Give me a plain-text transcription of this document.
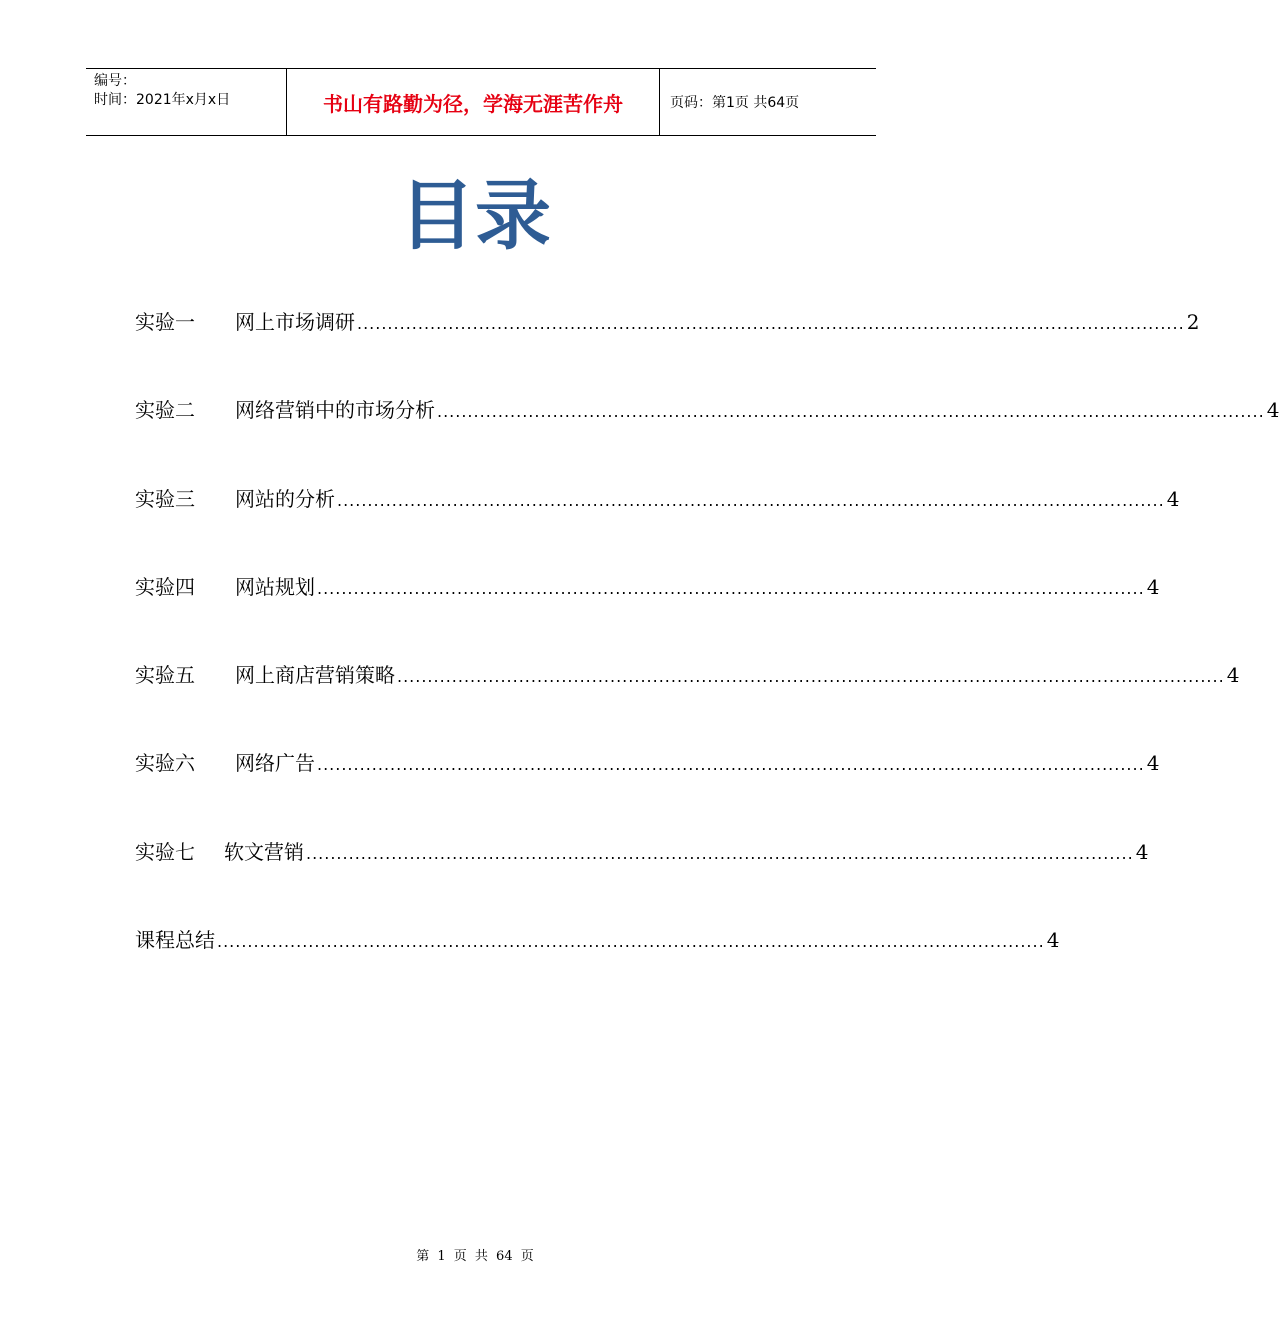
编号：
时间：2021年x月x日	书山有路勤为径，学海无涯苦作舟	页码：第1页 共64页
目录
实验一	网上市场调研 ........................................................................................................................................ 2
实验二	网络营销中的市场分析 ........................................................................................................................................ 4
实验三	网站的分析 ........................................................................................................................................ 4
实验四	网站规划 ........................................................................................................................................ 4
实验五	网上商店营销策略 ........................................................................................................................................ 4
实验六	网络广告 ........................................................................................................................................ 4
实验七	软文营销 ........................................................................................................................................ 4
课程总结 ........................................................................................................................................ 4
第 1 页 共 64 页
